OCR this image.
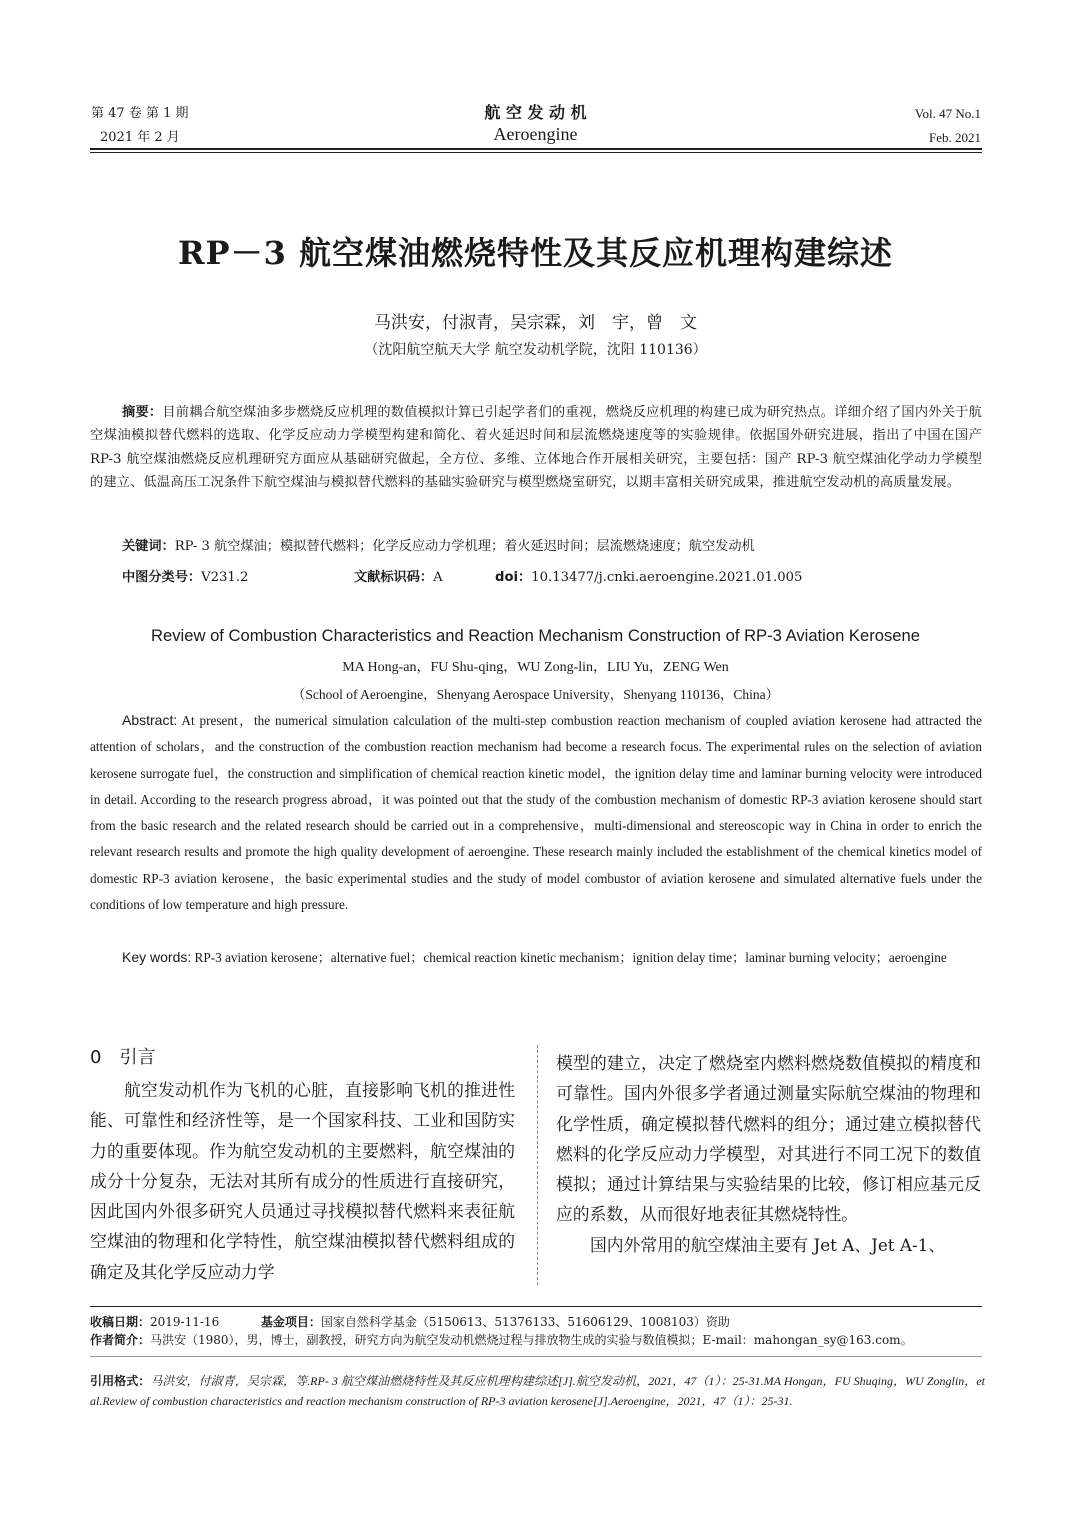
第 47 卷 第 1 期
2021 年 2 月
航 空 发 动 机
Aeroengine
Vol. 47 No.1
Feb. 2021
RP－3 航空煤油燃烧特性及其反应机理构建综述
马洪安，付淑青，吴宗霖，刘　宇，曾　文
（沈阳航空航天大学 航空发动机学院，沈阳 110136）
摘要：目前耦合航空煤油多步燃烧反应机理的数值模拟计算已引起学者们的重视，燃烧反应机理的构建已成为研究热点。详细介绍了国内外关于航空煤油模拟替代燃料的选取、化学反应动力学模型构建和简化、着火延迟时间和层流燃烧速度等的实验规律。依据国外研究进展，指出了中国在国产 RP-3 航空煤油燃烧反应机理研究方面应从基础研究做起，全方位、多维、立体地合作开展相关研究，主要包括：国产 RP-3 航空煤油化学动力学模型的建立、低温高压工况条件下航空煤油与模拟替代燃料的基础实验研究与模型燃烧室研究，以期丰富相关研究成果，推进航空发动机的高质量发展。
关键词：RP- 3 航空煤油；模拟替代燃料；化学反应动力学机理；着火延迟时间；层流燃烧速度；航空发动机
中图分类号：V231.2	文献标识码：A	doi：10.13477/j.cnki.aeroengine.2021.01.005
Review of Combustion Characteristics and Reaction Mechanism Construction of RP-3 Aviation Kerosene
MA Hong-an，FU Shu-qing，WU Zong-lin，LIU Yu，ZENG Wen
（School of Aeroengine，Shenyang Aerospace University，Shenyang 110136，China）
Abstract: At present，the numerical simulation calculation of the multi-step combustion reaction mechanism of coupled aviation kerosene had attracted the attention of scholars，and the construction of the combustion reaction mechanism had become a research focus. The experimental rules on the selection of aviation kerosene surrogate fuel，the construction and simplification of chemical reaction kinetic model，the ignition delay time and laminar burning velocity were introduced in detail. According to the research progress abroad，it was pointed out that the study of the combustion mechanism of domestic RP-3 aviation kerosene should start from the basic research and the related research should be carried out in a comprehensive，multi-dimensional and stereoscopic way in China in order to enrich the relevant research results and promote the high quality development of aeroengine. These research mainly included the establishment of the chemical kinetics model of domestic RP-3 aviation kerosene，the basic experimental studies and the study of model combustor of aviation kerosene and simulated alternative fuels under the conditions of low temperature and high pressure.
Key words: RP-3 aviation kerosene；alternative fuel；chemical reaction kinetic mechanism；ignition delay time；laminar burning velocity；aeroengine
0　引言
航空发动机作为飞机的心脏，直接影响飞机的推进性能、可靠性和经济性等，是一个国家科技、工业和国防实力的重要体现。作为航空发动机的主要燃料，航空煤油的成分十分复杂，无法对其所有成分的性质进行直接研究，因此国内外很多研究人员通过寻找模拟替代燃料来表征航空煤油的物理和化学特性，航空煤油模拟替代燃料组成的确定及其化学反应动力学
模型的建立，决定了燃烧室内燃料燃烧数值模拟的精度和可靠性。国内外很多学者通过测量实际航空煤油的物理和化学性质，确定模拟替代燃料的组分；通过建立模拟替代燃料的化学反应动力学模型，对其进行不同工况下的数值模拟；通过计算结果与实验结果的比较，修订相应基元反应的系数，从而很好地表征其燃烧特性。
国内外常用的航空煤油主要有 Jet A、Jet A-1、
收稿日期：2019-11-16	基金项目：国家自然科学基金（5150613、51376133、51606129、1008103）资助
作者简介：马洪安（1980），男，博士，副教授，研究方向为航空发动机燃烧过程与排放物生成的实验与数值模拟；E-mail：mahongan_sy@163.com。
引用格式：马洪安，付淑青，吴宗霖，等.RP- 3 航空煤油燃烧特性及其反应机理构建综述[J].航空发动机，2021，47（1）：25-31.MA Hongan，FU Shuqing，WU Zonglin，et al.Review of combustion characteristics and reaction mechanism construction of RP-3 aviation kerosene[J].Aeroengine，2021，47（1）：25-31.
